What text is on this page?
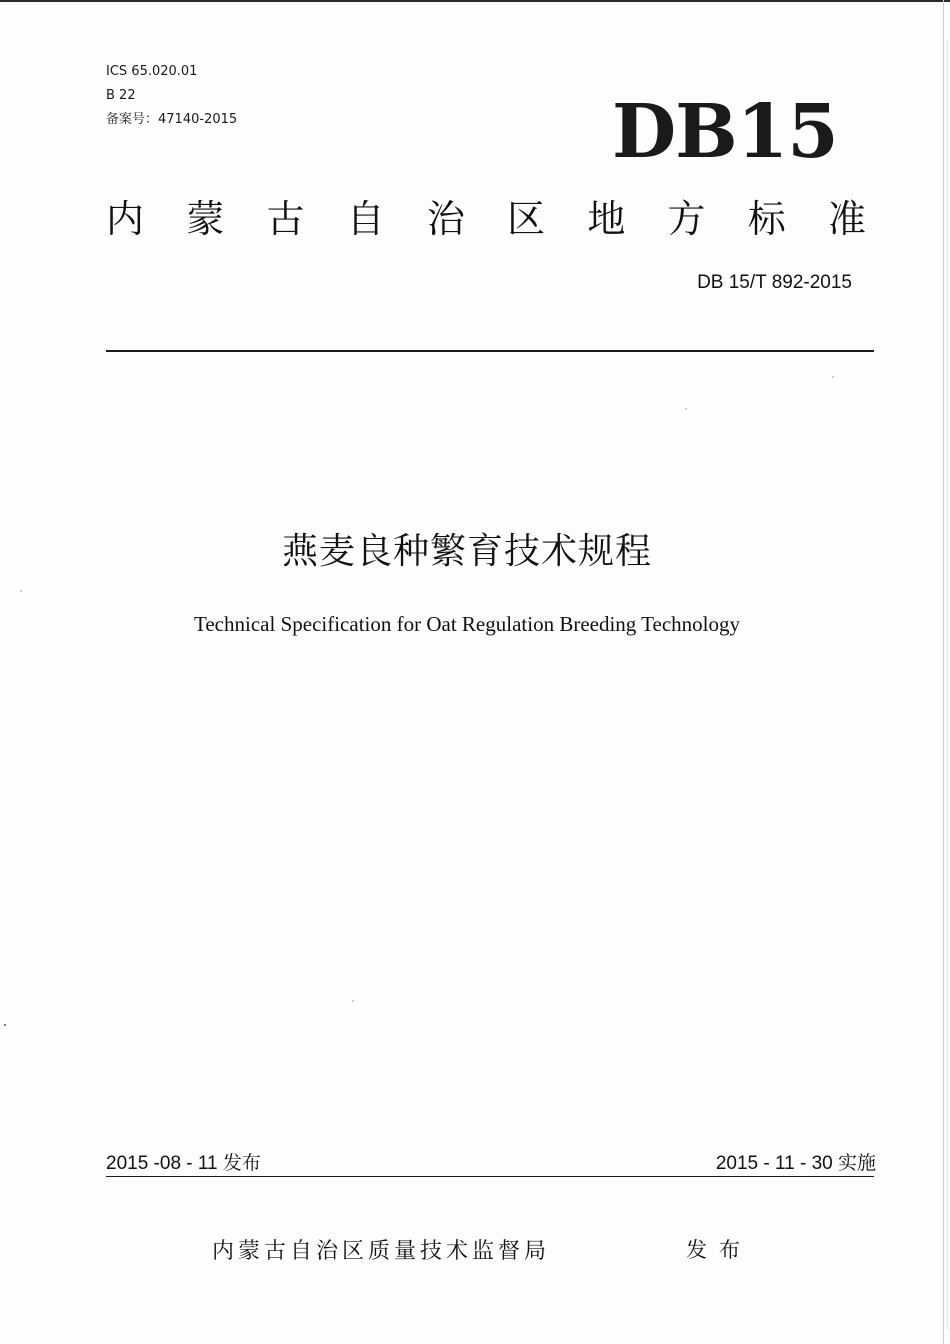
ICS 65.020.01
B 22
备案号：47140-2015	DB15
内 蒙 古 自 治 区 地 方 标 准
DB 15/T 892-2015
燕麦良种繁育技术规程
Technical Specification for Oat Regulation Breeding Technology
2015 -08 - 11 发布	2015 - 11 - 30 实施
内蒙古自治区质量技术监督局	发布
